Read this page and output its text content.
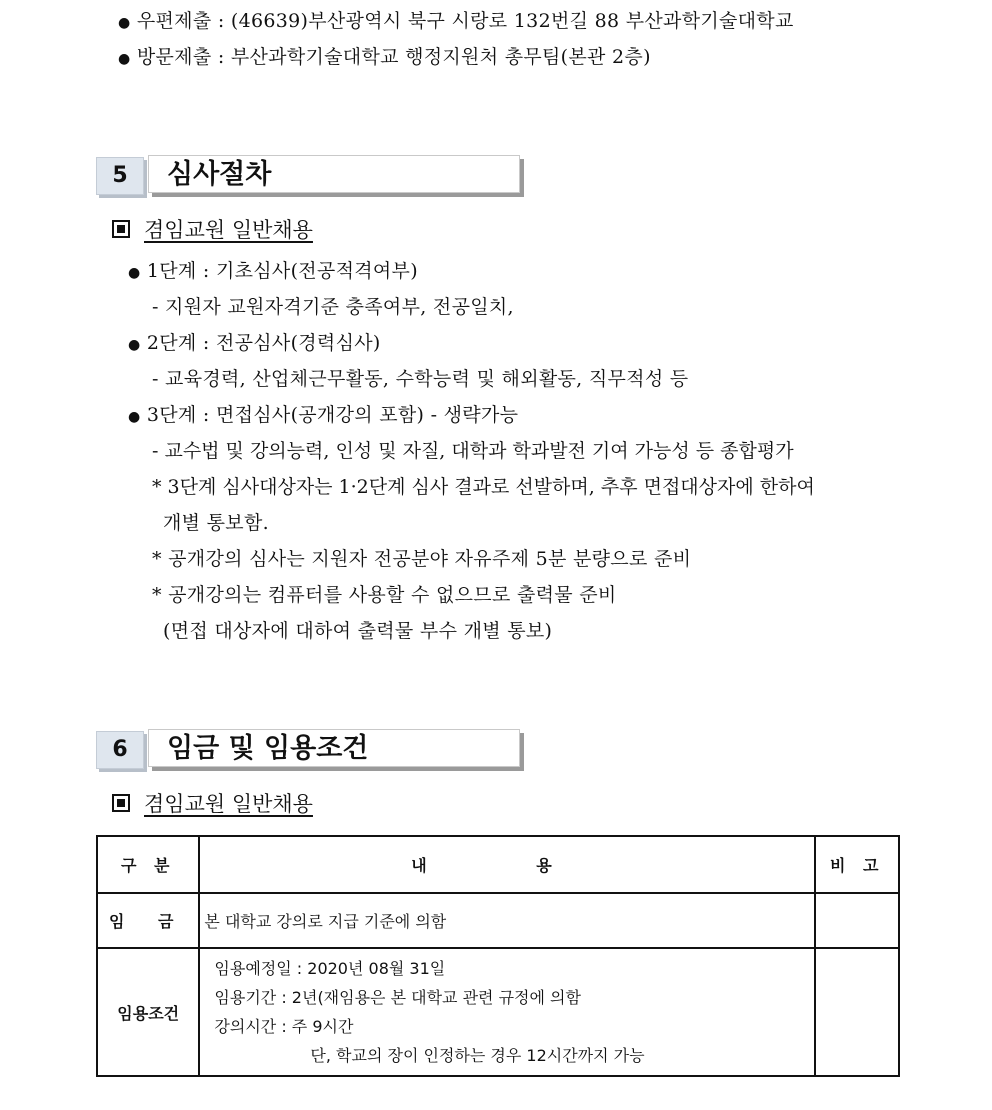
● 우편제출 : (46639)부산광역시 북구 시랑로 132번길 88 부산과학기술대학교
● 방문제출 : 부산과학기술대학교 행정지원처 총무팀(본관 2층)
5	심사절차
겸임교원 일반채용
● 1단계 : 기초심사(전공적격여부)
- 지원자 교원자격기준 충족여부, 전공일치,
● 2단계 : 전공심사(경력심사)
- 교육경력, 산업체근무활동, 수학능력 및 해외활동, 직무적성 등
● 3단계 : 면접심사(공개강의 포함) - 생략가능
- 교수법 및 강의능력, 인성 및 자질, 대학과 학과발전 기여 가능성 등 종합평가
* 3단계 심사대상자는 1·2단계 심사 결과로 선발하며, 추후 면접대상자에 한하여
개별 통보함.
* 공개강의 심사는 지원자 전공분야 자유주제 5분 분량으로 준비
* 공개강의는 컴퓨터를 사용할 수 없으므로 출력물 준비
(면접 대상자에 대하여 출력물 부수 개별 통보)
6	임금 및 임용조건
겸임교원 일반채용
구 분	내 용	비 고
임 금	본 대학교 강의로 지급 기준에 의함	
임용조건	임용예정일 : 2020년 08월 31일
임용기간 : 2년(재임용은 본 대학교 관련 규정에 의함
강의시간 : 주 9시간
단, 학교의 장이 인정하는 경우 12시간까지 가능	
